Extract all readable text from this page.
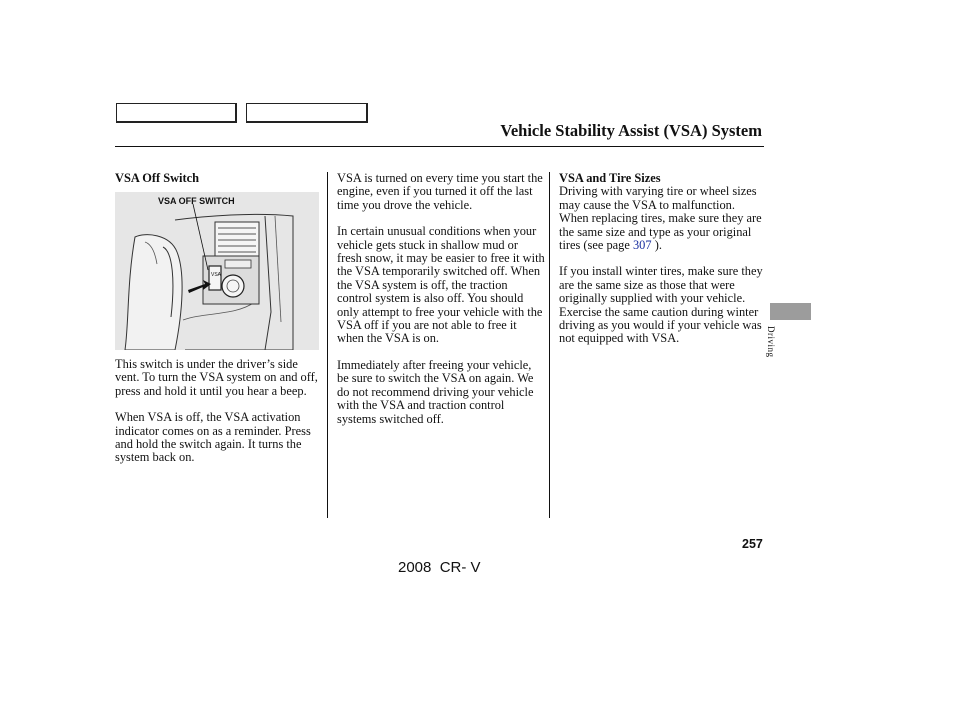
Vehicle Stability Assist (VSA) System
VSA Off Switch
VSA OFF SWITCH
VSA

This switch is under the driver’s side vent. To turn the VSA system on and off, press and hold it until you hear a beep.

When VSA is off, the VSA activation indicator comes on as a reminder. Press and hold the switch again. It turns the system back on.

VSA is turned on every time you start the engine, even if you turned it off the last time you drove the vehicle.

In certain unusual conditions when your vehicle gets stuck in shallow mud or fresh snow, it may be easier to free it with the VSA temporarily switched off. When the VSA system is off, the traction control system is also off. You should only attempt to free your vehicle with the VSA off if you are not able to free it when the VSA is on.

Immediately after freeing your vehicle, be sure to switch the VSA on again. We do not recommend driving your vehicle with the VSA and traction control systems switched off.

VSA and Tire Sizes

Driving with varying tire or wheel sizes may cause the VSA to malfunction. When replacing tires, make sure they are the same size and type as your original tires (see page 307 ).

If you install winter tires, make sure they are the same size as those that were originally supplied with your vehicle. Exercise the same caution during winter driving as you would if your vehicle was not equipped with VSA.	Driving
257
2008  CR- V
